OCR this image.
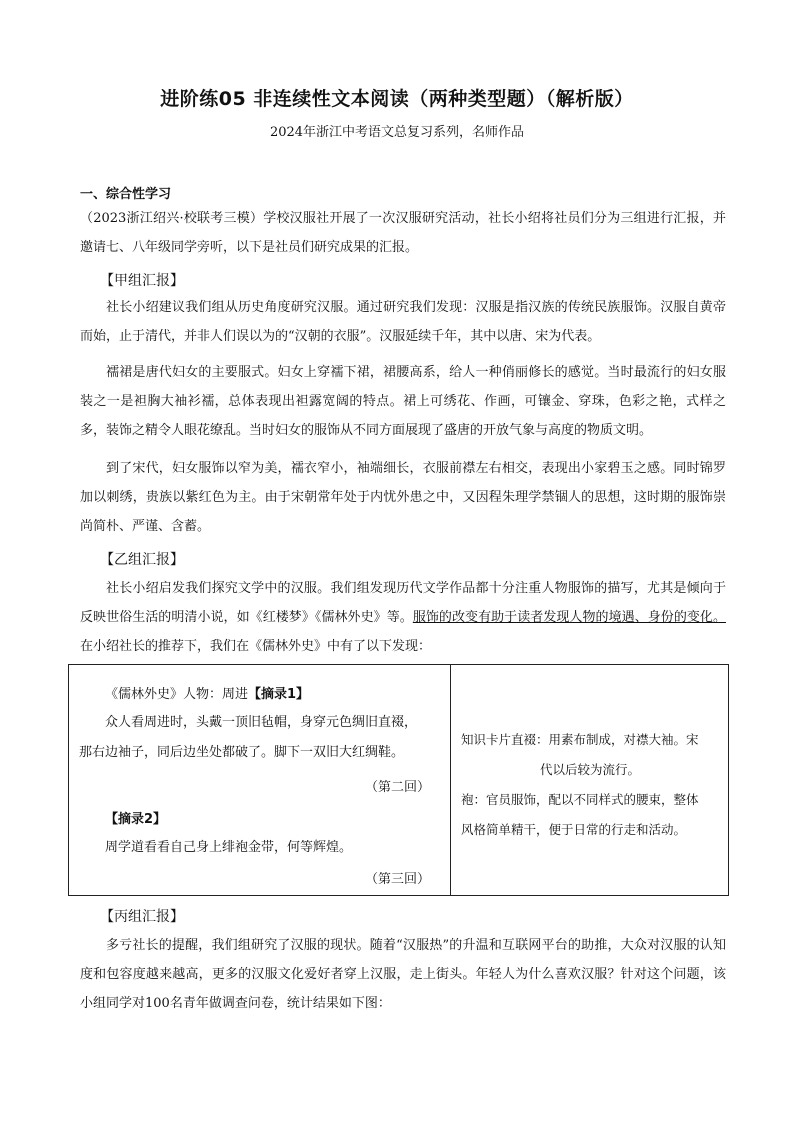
进阶练05 非连续性文本阅读（两种类型题）（解析版）
2024年浙江中考语文总复习系列，名师作品
一、综合性学习

（2023浙江绍兴·校联考三模）学校汉服社开展了一次汉服研究活动，社长小绍将社员们分为三组进行汇报，并邀请七、八年级同学旁听，以下是社员们研究成果的汇报。

【甲组汇报】

社长小绍建议我们组从历史角度研究汉服。通过研究我们发现：汉服是指汉族的传统民族服饰。汉服自黄帝而始，止于清代，并非人们误以为的“汉朝的衣服”。汉服延续千年，其中以唐、宋为代表。

襦裙是唐代妇女的主要服式。妇女上穿襦下裙，裙腰高系，给人一种俏丽修长的感觉。当时最流行的妇女服装之一是袒胸大袖衫襦，总体表现出袒露宽阔的特点。裙上可绣花、作画，可镶金、穿珠，色彩之艳，式样之多，装饰之精令人眼花缭乱。当时妇女的服饰从不同方面展现了盛唐的开放气象与高度的物质文明。

到了宋代，妇女服饰以窄为美，襦衣窄小，袖端细长，衣服前襟左右相交，表现出小家碧玉之感。同时锦罗加以刺绣，贵族以紫红色为主。由于宋朝常年处于内忧外患之中，又因程朱理学禁锢人的思想，这时期的服饰崇尚简朴、严谨、含蓄。

【乙组汇报】

社长小绍启发我们探究文学中的汉服。我们组发现历代文学作品都十分注重人物服饰的描写，尤其是倾向于反映世俗生活的明清小说，如《红楼梦》《儒林外史》等。服饰的改变有助于读者发现人物的境遇、身份的变化。在小绍社长的推荐下，我们在《儒林外史》中有了以下发现：

《儒林外史》人物：周进【摘录1】
众人看周进时，头戴一顶旧毡帽，身穿元色绸旧直裰，
那右边袖子，同后边坐处都破了。脚下一双旧大红绸鞋。
（第二回）
【摘录2】
周学道看看自己身上绯袍金带，何等辉煌。
（第三回）
知识卡片直裰：用素布制成，对襟大袖。宋
代以后较为流行。
袍：官员服饰，配以不同样式的腰束，整体
风格简单精干，便于日常的行走和活动。
【丙组汇报】

多亏社长的提醒，我们组研究了汉服的现状。随着“汉服热”的升温和互联网平台的助推，大众对汉服的认知度和包容度越来越高，更多的汉服文化爱好者穿上汉服，走上街头。年轻人为什么喜欢汉服？针对这个问题，该小组同学对100名青年做调查问卷，统计结果如下图：
